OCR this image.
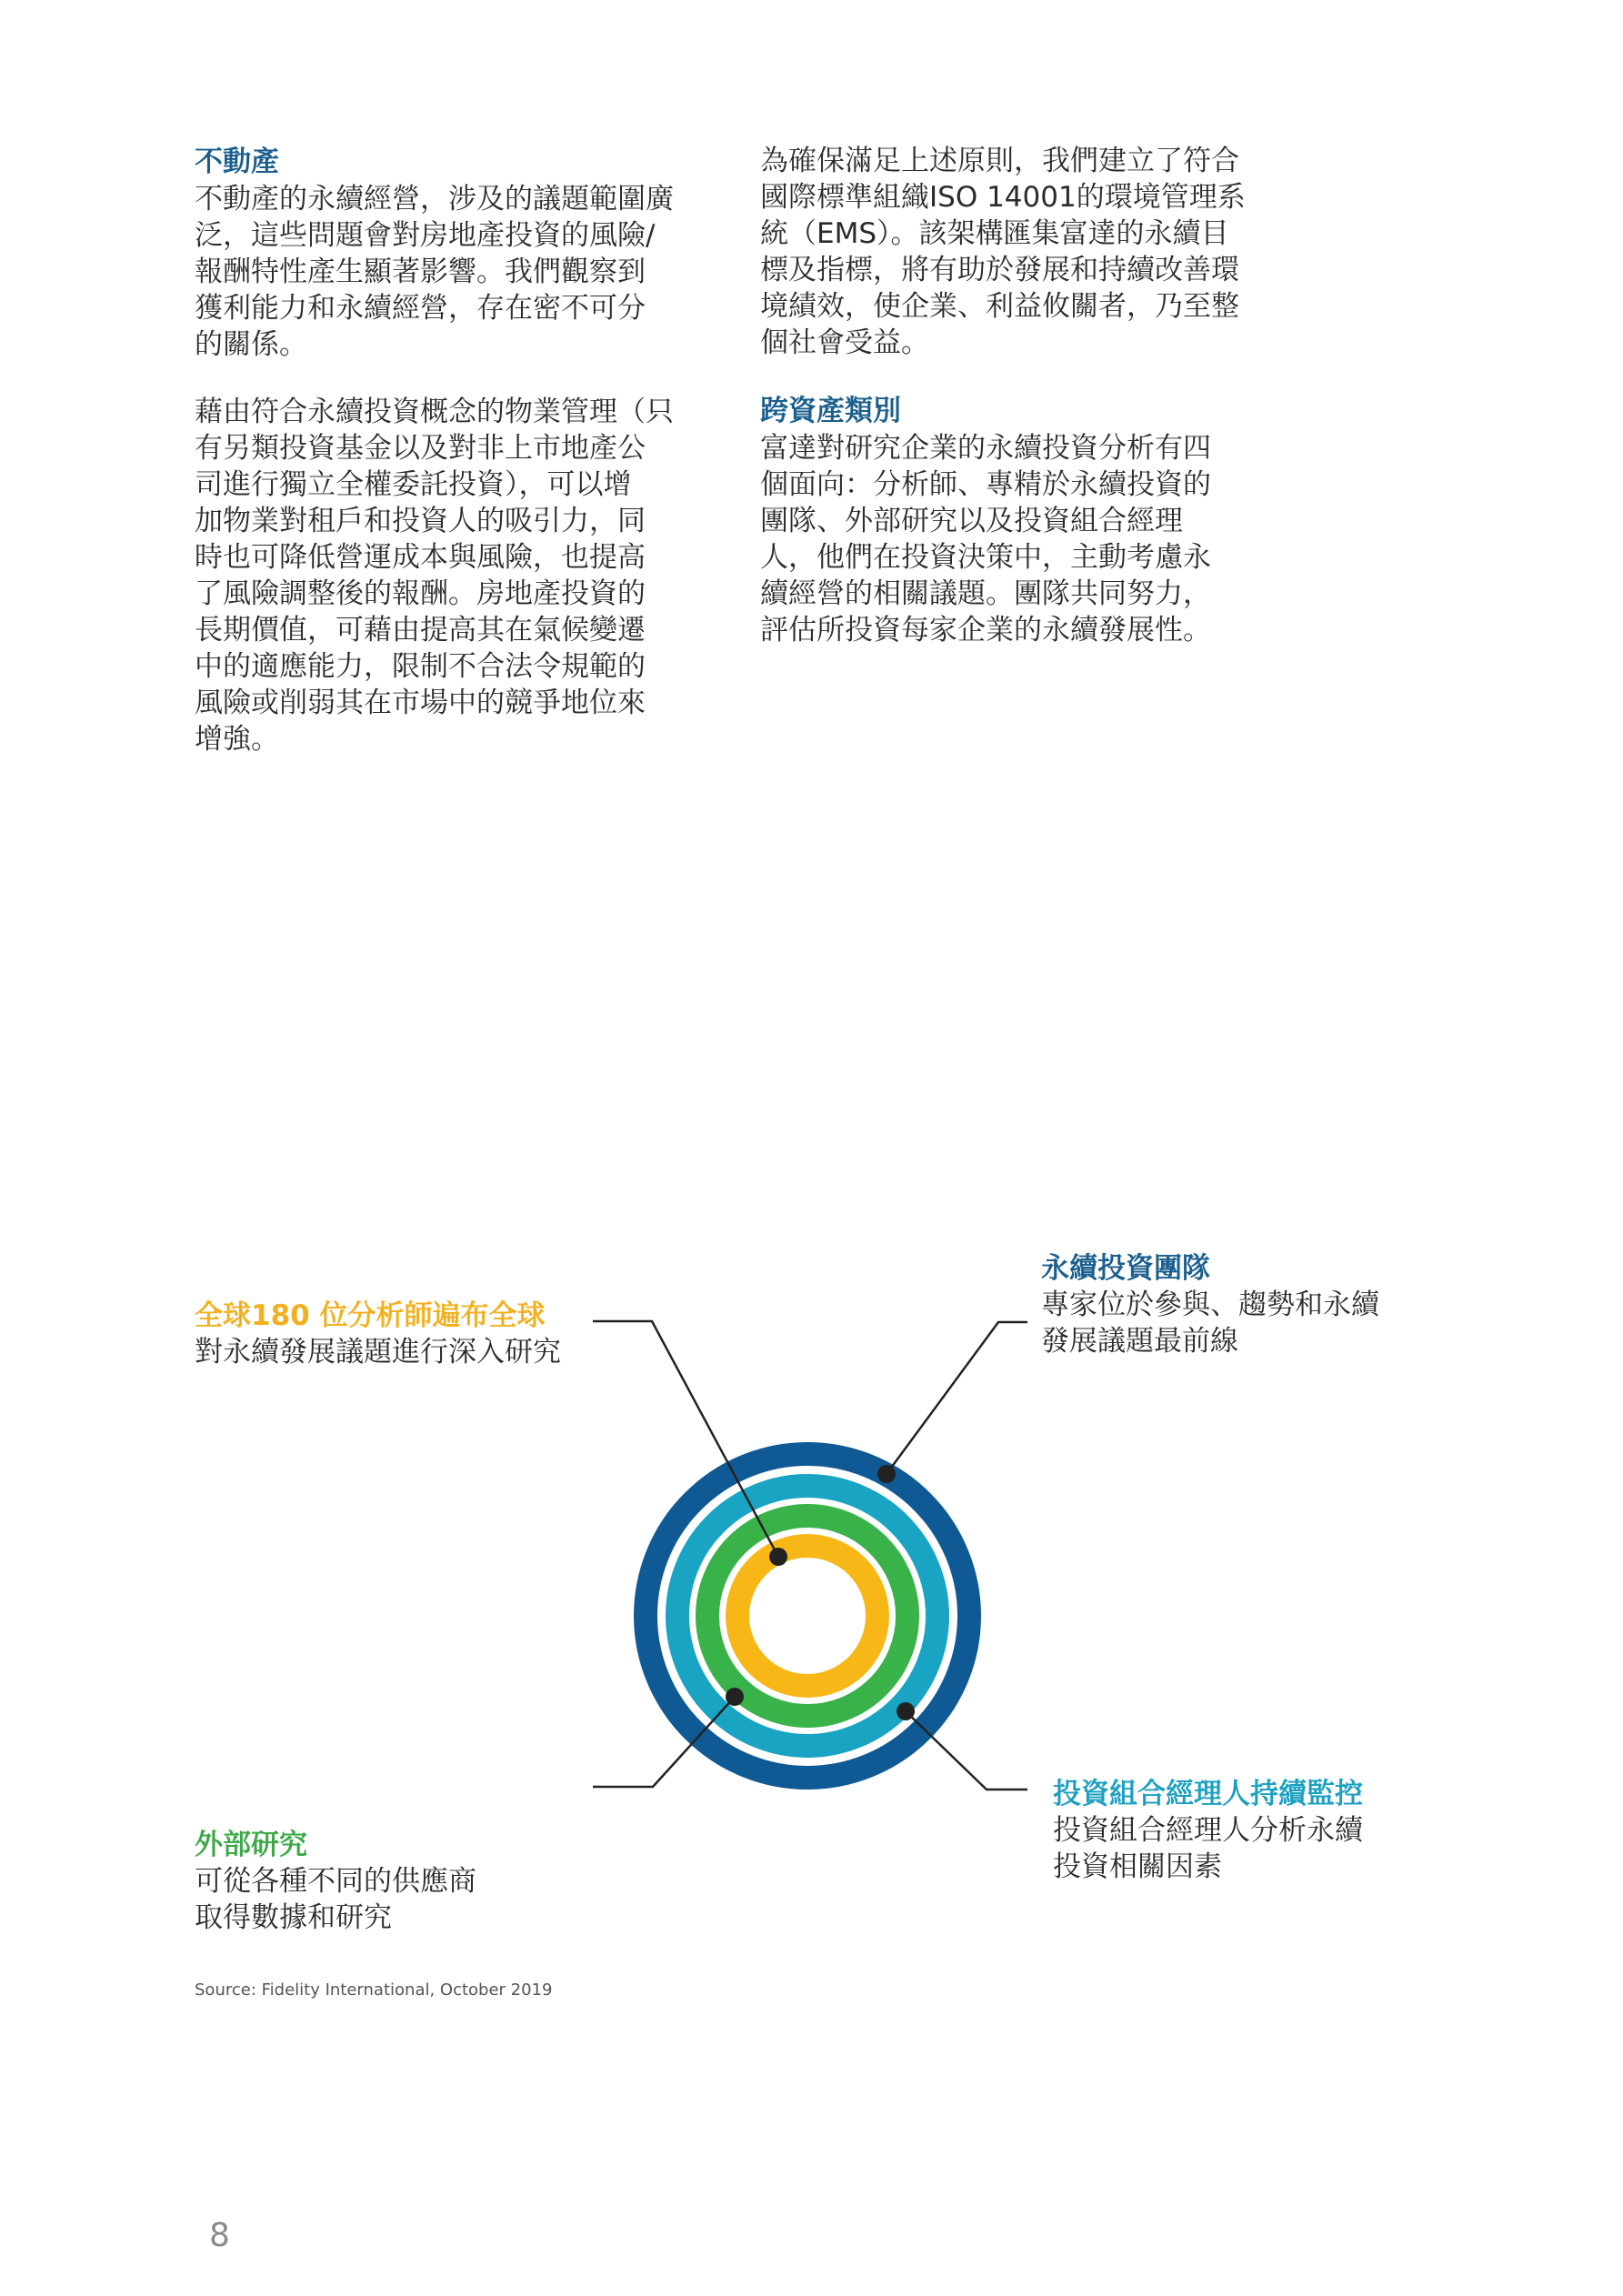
不動產
不動產的永續經營，涉及的議題範圍廣
泛，這些問題會對房地產投資的風險/
報酬特性產生顯著影響。我們觀察到
獲利能力和永續經營，存在密不可分
的關係。
藉由符合永續投資概念的物業管理（只
有另類投資基金以及對非上市地產公
司進行獨立全權委託投資），可以增
加物業對租戶和投資人的吸引力，同
時也可降低營運成本與風險，也提高
了風險調整後的報酬。房地產投資的
長期價值，可藉由提高其在氣候變遷
中的適應能力，限制不合法令規範的
風險或削弱其在市場中的競爭地位來
增強。
為確保滿足上述原則，我們建立了符合
國際標準組織ISO 14001的環境管理系
統（EMS）。該架構匯集富達的永續目
標及指標，將有助於發展和持續改善環
境績效，使企業、利益攸關者，乃至整
個社會受益。
跨資產類別
富達對研究企業的永續投資分析有四
個面向：分析師、專精於永續投資的
團隊、外部研究以及投資組合經理
人，他們在投資決策中，主動考慮永
續經營的相關議題。團隊共同努力，
評估所投資每家企業的永續發展性。
全球180 位分析師遍布全球
對永續發展議題進行深入研究
永續投資團隊
專家位於參與、趨勢和永續
發展議題最前線
外部研究
可從各種不同的供應商
取得數據和研究
投資組合經理人持續監控
投資組合經理人分析永續
投資相關因素
Source: Fidelity International, October 2019
8
